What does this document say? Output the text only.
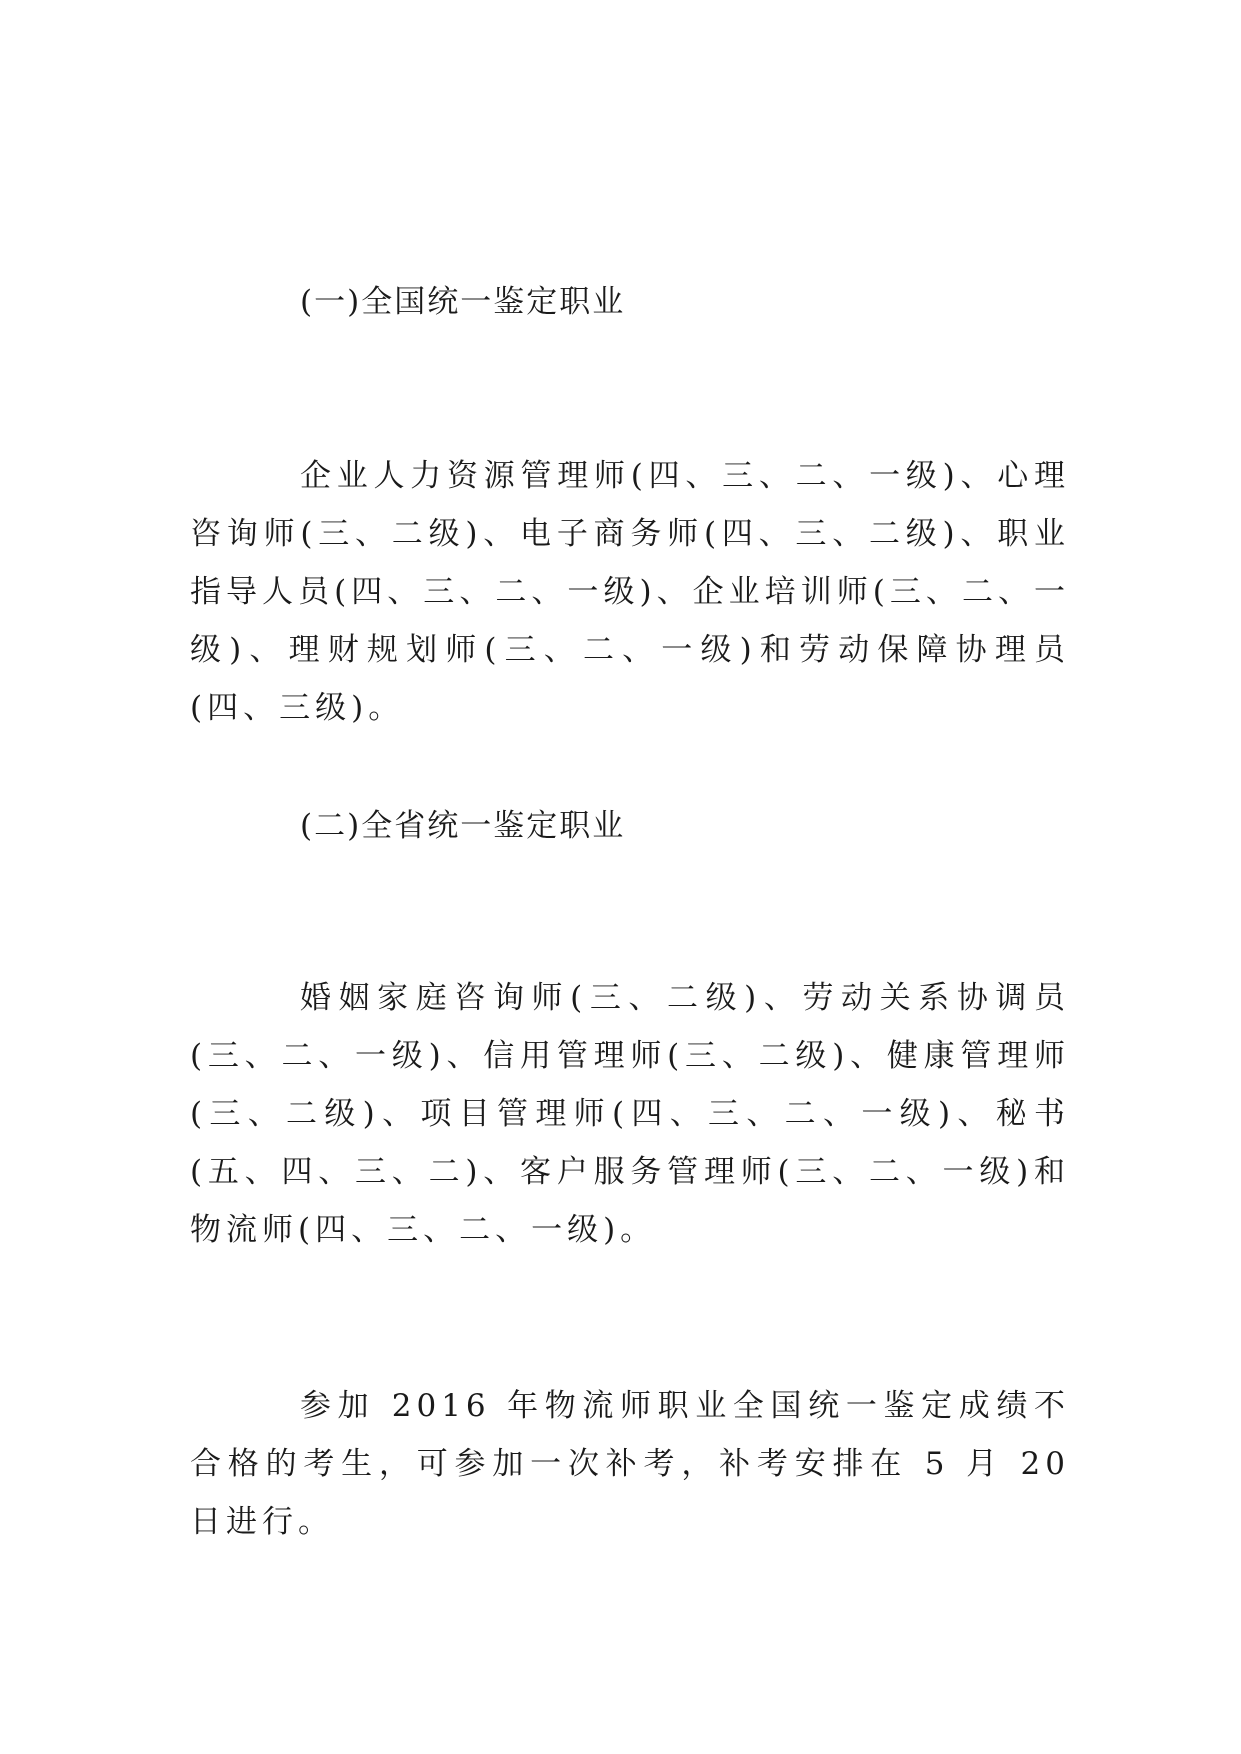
(一)全国统一鉴定职业
企业人力资源管理师(四、三、二、一级)、心理咨询师(三、二级)、电子商务师(四、三、二级)、职业指导人员(四、三、二、一级)、企业培训师(三、二、一级)、理财规划师(三、二、一级)和劳动保障协理员(四、三级)。
(二)全省统一鉴定职业
婚姻家庭咨询师(三、二级)、劳动关系协调员(三、二、一级)、信用管理师(三、二级)、健康管理师(三、二级)、项目管理师(四、三、二、一级)、秘书(五、四、三、二)、客户服务管理师(三、二、一级)和物流师(四、三、二、一级)。
参加 2016 年物流师职业全国统一鉴定成绩不合格的考生，可参加一次补考，补考安排在 5 月 20 日进行。
